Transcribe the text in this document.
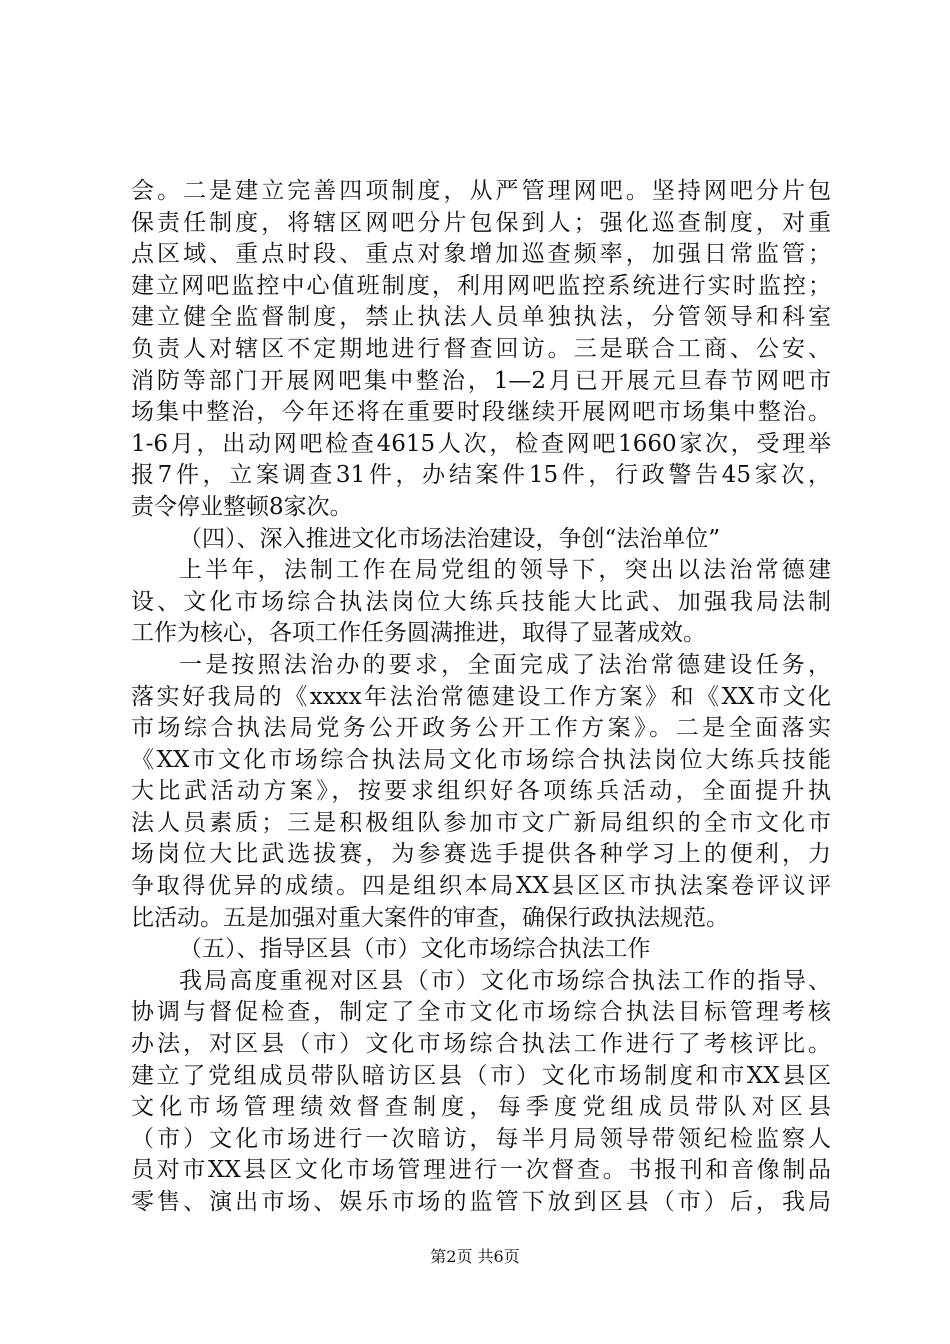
会。二是建立完善四项制度，从严管理网吧。坚持网吧分片包
保责任制度，将辖区网吧分片包保到人；强化巡查制度，对重
点区域、重点时段、重点对象增加巡查频率，加强日常监管；
建立网吧监控中心值班制度，利用网吧监控系统进行实时监控；
建立健全监督制度，禁止执法人员单独执法，分管领导和科室
负责人对辖区不定期地进行督查回访。三是联合工商、公安、
消防等部门开展网吧集中整治，1—2月已开展元旦春节网吧市
场集中整治，今年还将在重要时段继续开展网吧市场集中整治。
1-6月，出动网吧检查4615人次，检查网吧1660家次，受理举
报7件，立案调查31件，办结案件15件，行政警告45家次，
责令停业整顿8家次。
（四）、深入推进文化市场法治建设，争创“法治单位”
上半年，法制工作在局党组的领导下，突出以法治常德建
设、文化市场综合执法岗位大练兵技能大比武、加强我局法制
工作为核心，各项工作任务圆满推进，取得了显著成效。
一是按照法治办的要求，全面完成了法治常德建设任务，
落实好我局的《xxxx年法治常德建设工作方案》和《XX市文化
市场综合执法局党务公开政务公开工作方案》。二是全面落实
《XX市文化市场综合执法局文化市场综合执法岗位大练兵技能
大比武活动方案》，按要求组织好各项练兵活动，全面提升执
法人员素质；三是积极组队参加市文广新局组织的全市文化市
场岗位大比武选拔赛，为参赛选手提供各种学习上的便利，力
争取得优异的成绩。四是组织本局XX县区区市执法案卷评议评
比活动。五是加强对重大案件的审查，确保行政执法规范。
（五）、指导区县（市）文化市场综合执法工作
我局高度重视对区县（市）文化市场综合执法工作的指导、
协调与督促检查，制定了全市文化市场综合执法目标管理考核
办法，对区县（市）文化市场综合执法工作进行了考核评比。
建立了党组成员带队暗访区县（市）文化市场制度和市XX县区
文化市场管理绩效督查制度，每季度党组成员带队对区县
（市）文化市场进行一次暗访，每半月局领导带领纪检监察人
员对市XX县区文化市场管理进行一次督查。书报刊和音像制品
零售、演出市场、娱乐市场的监管下放到区县（市）后，我局
第2页 共6页
